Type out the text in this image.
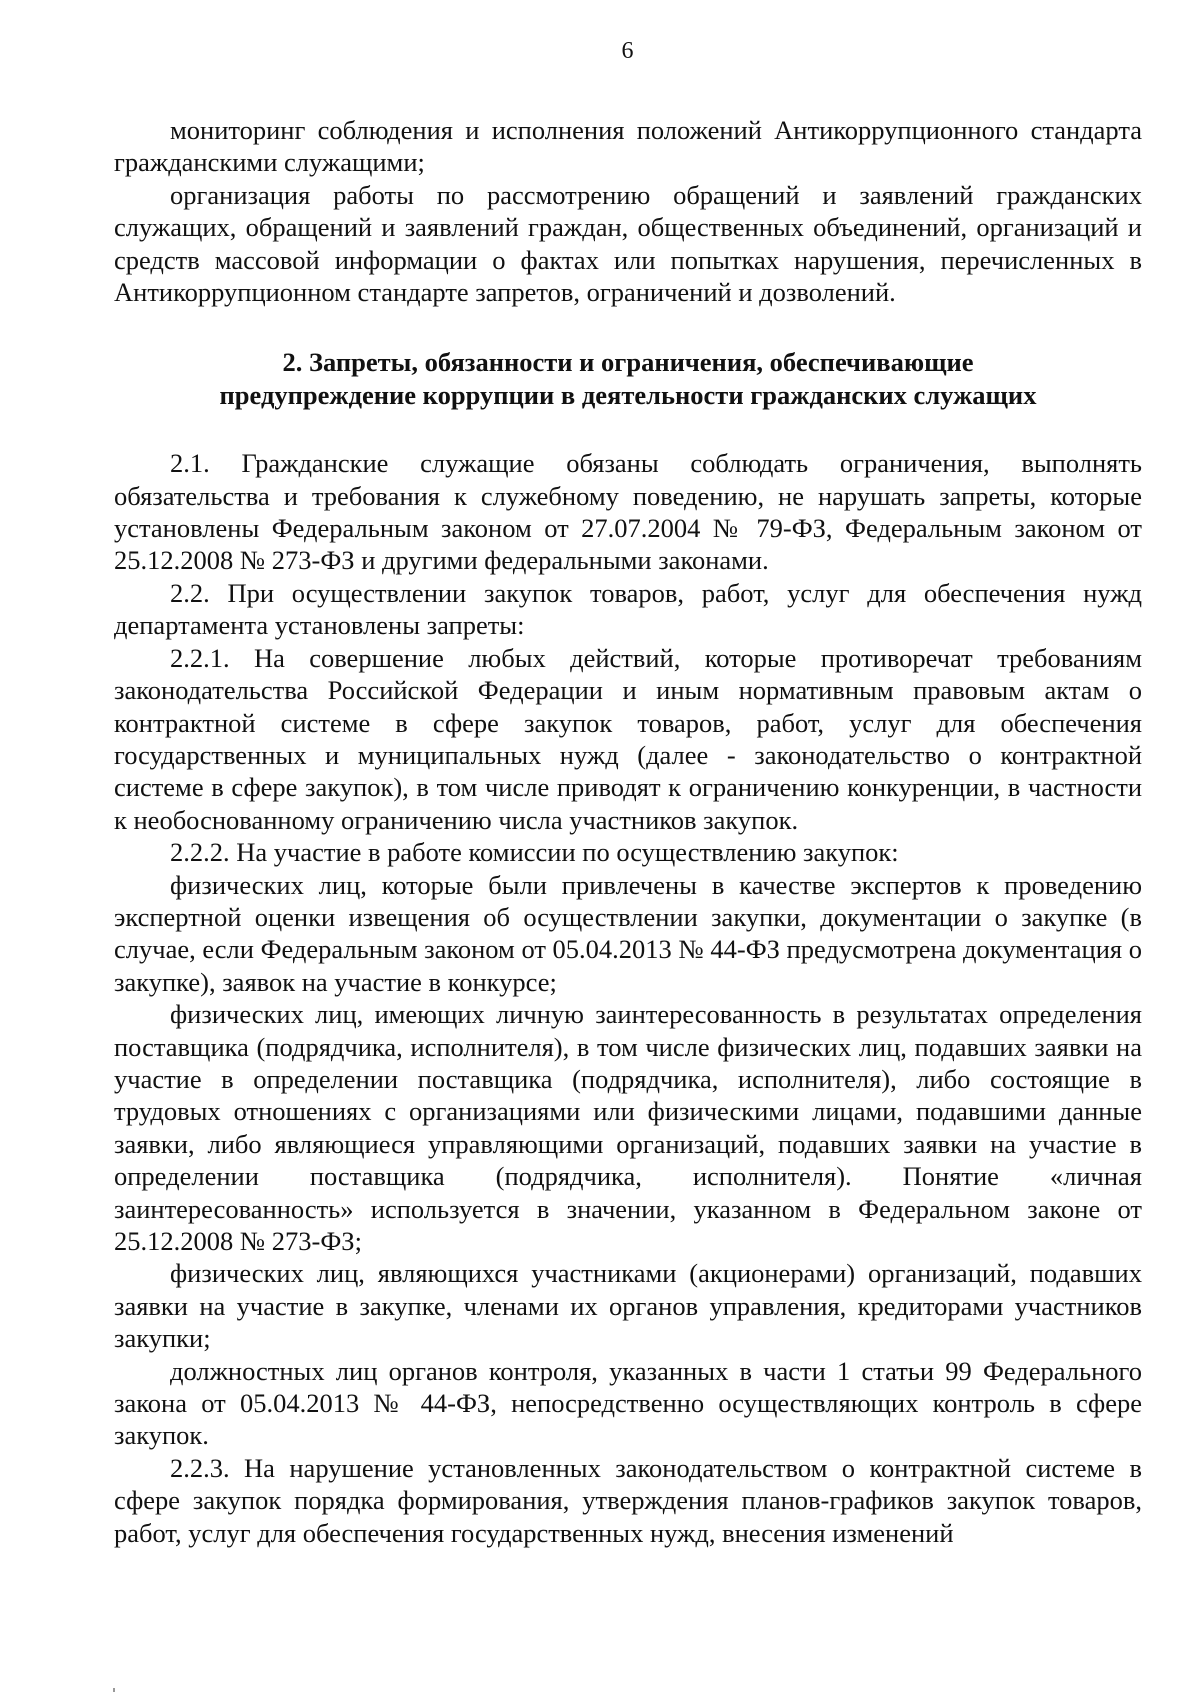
6

мониторинг соблюдения и исполнения положений Антикоррупционного стандарта гражданскими служащими;

организация работы по рассмотрению обращений и заявлений гражданских служащих, обращений и заявлений граждан, общественных объединений, организаций и средств массовой информации о фактах или попытках нарушения, перечисленных в Антикоррупционном стандарте запретов, ограничений и дозволений.

2. Запреты, обязанности и ограничения, обеспечивающие
предупреждение коррупции в деятельности гражданских служащих

2.1. Гражданские служащие обязаны соблюдать ограничения, выполнять обязательства и требования к служебному поведению, не нарушать запреты, которые установлены Федеральным законом от 27.07.2004 № 79-ФЗ, Федеральным законом от 25.12.2008 № 273-ФЗ и другими федеральными законами.

2.2. При осуществлении закупок товаров, работ, услуг для обеспечения нужд департамента установлены запреты:

2.2.1. На совершение любых действий, которые противоречат требованиям законодательства Российской Федерации и иным нормативным правовым актам о контрактной системе в сфере закупок товаров, работ, услуг для обеспечения государственных и муниципальных нужд (далее - законодательство о контрактной системе в сфере закупок), в том числе приводят к ограничению конкуренции, в частности к необоснованному ограничению числа участников закупок.

2.2.2. На участие в работе комиссии по осуществлению закупок:

физических лиц, которые были привлечены в качестве экспертов к проведению экспертной оценки извещения об осуществлении закупки, документации о закупке (в случае, если Федеральным законом от 05.04.2013 № 44-ФЗ предусмотрена документация о закупке), заявок на участие в конкурсе;

физических лиц, имеющих личную заинтересованность в результатах определения поставщика (подрядчика, исполнителя), в том числе физических лиц, подавших заявки на участие в определении поставщика (подрядчика, исполнителя), либо состоящие в трудовых отношениях с организациями или физическими лицами, подавшими данные заявки, либо являющиеся управляющими организаций, подавших заявки на участие в определении поставщика (подрядчика, исполнителя). Понятие «личная заинтересованность» используется в значении, указанном в Федеральном законе от 25.12.2008 № 273-ФЗ;

физических лиц, являющихся участниками (акционерами) организаций, подавших заявки на участие в закупке, членами их органов управления, кредиторами участников закупки;

должностных лиц органов контроля, указанных в части 1 статьи 99 Федерального закона от 05.04.2013 № 44-ФЗ, непосредственно осуществляющих контроль в сфере закупок.

2.2.3. На нарушение установленных законодательством о контрактной системе в сфере закупок порядка формирования, утверждения планов-графиков закупок товаров, работ, услуг для обеспечения государственных нужд, внесения изменений
